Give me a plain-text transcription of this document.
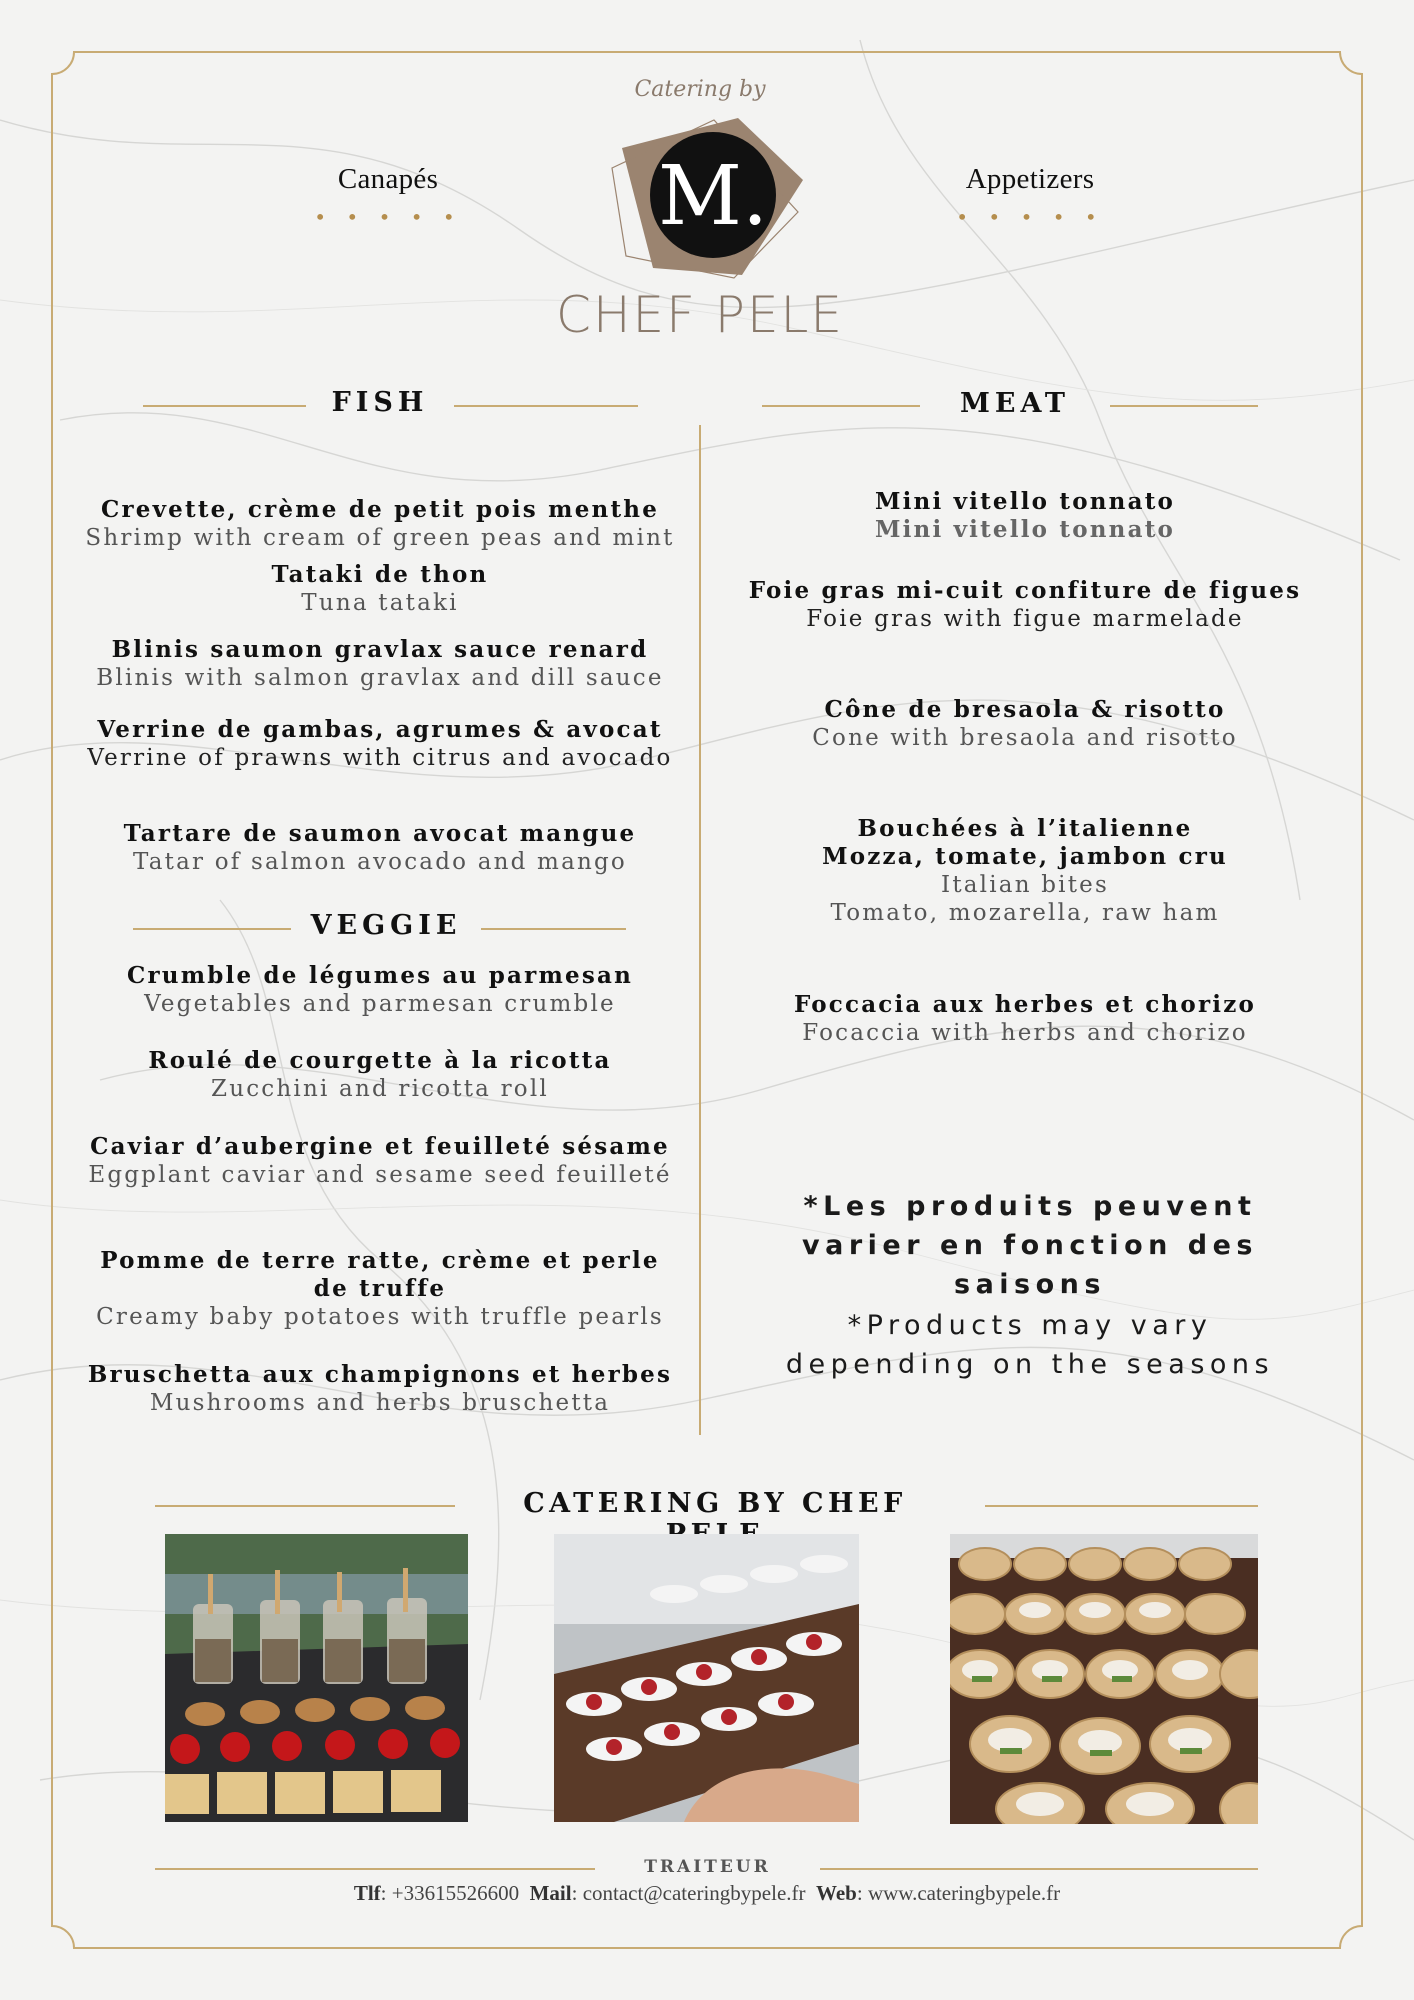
Catering by
M.
CHEF PELE
Canapés
• • • • •
Appetizers
• • • • •
FISH	MEAT
Crevette, crème de petit pois menthe
Shrimp with cream of green peas and mint
Tataki de thon
Tuna tataki
Blinis saumon gravlax sauce renard
Blinis with salmon gravlax and dill sauce
Verrine de gambas, agrumes & avocat
Verrine of prawns with citrus and avocado
Tartare de saumon avocat mangue
Tatar of salmon avocado and mango
VEGGIE
Crumble de légumes au parmesan
Vegetables and parmesan crumble
Roulé de courgette à la ricotta
Zucchini and ricotta roll
Caviar d’aubergine et feuilleté sésame
Eggplant caviar and sesame seed feuilleté
Pomme de terre ratte, crème et perle de truffe
Creamy baby potatoes with truffle pearls
Bruschetta aux champignons et herbes
Mushrooms and herbs bruschetta
Mini vitello tonnato
Mini vitello tonnato
Foie gras mi-cuit confiture de figues
Foie gras with figue marmelade
Cône de bresaola & risotto
Cone with bresaola and risotto
Bouchées à l’italienne
Mozza, tomate, jambon cru
Italian bites
Tomato, mozarella, raw ham
Foccacia aux herbes et chorizo
Focaccia with herbs and chorizo
*Les produits peuvent varier en fonction des saisons
*Products may vary depending on the seasons
CATERING BY CHEF
TRAITEUR
Tlf: +33615526600 Mail: contact@cateringbypele.fr Web: www.cateringbypele.fr
